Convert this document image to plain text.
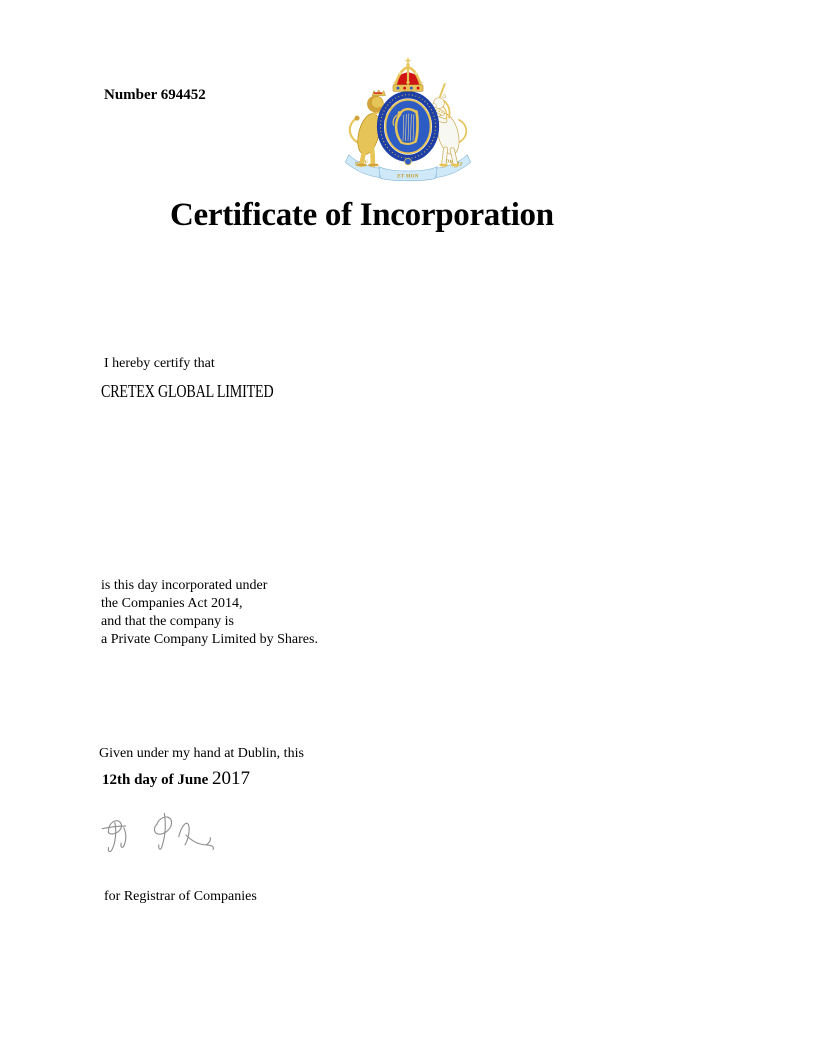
Number 694452
DIEU
ET MON
DROIT
Certificate of Incorporation
I hereby certify that
CRETEX GLOBAL LIMITED
is this day incorporated under
the Companies Act 2014,
and that the company is
a Private Company Limited by Shares.
Given under my hand at Dublin, this
12th day of June 2017
for Registrar of Companies
